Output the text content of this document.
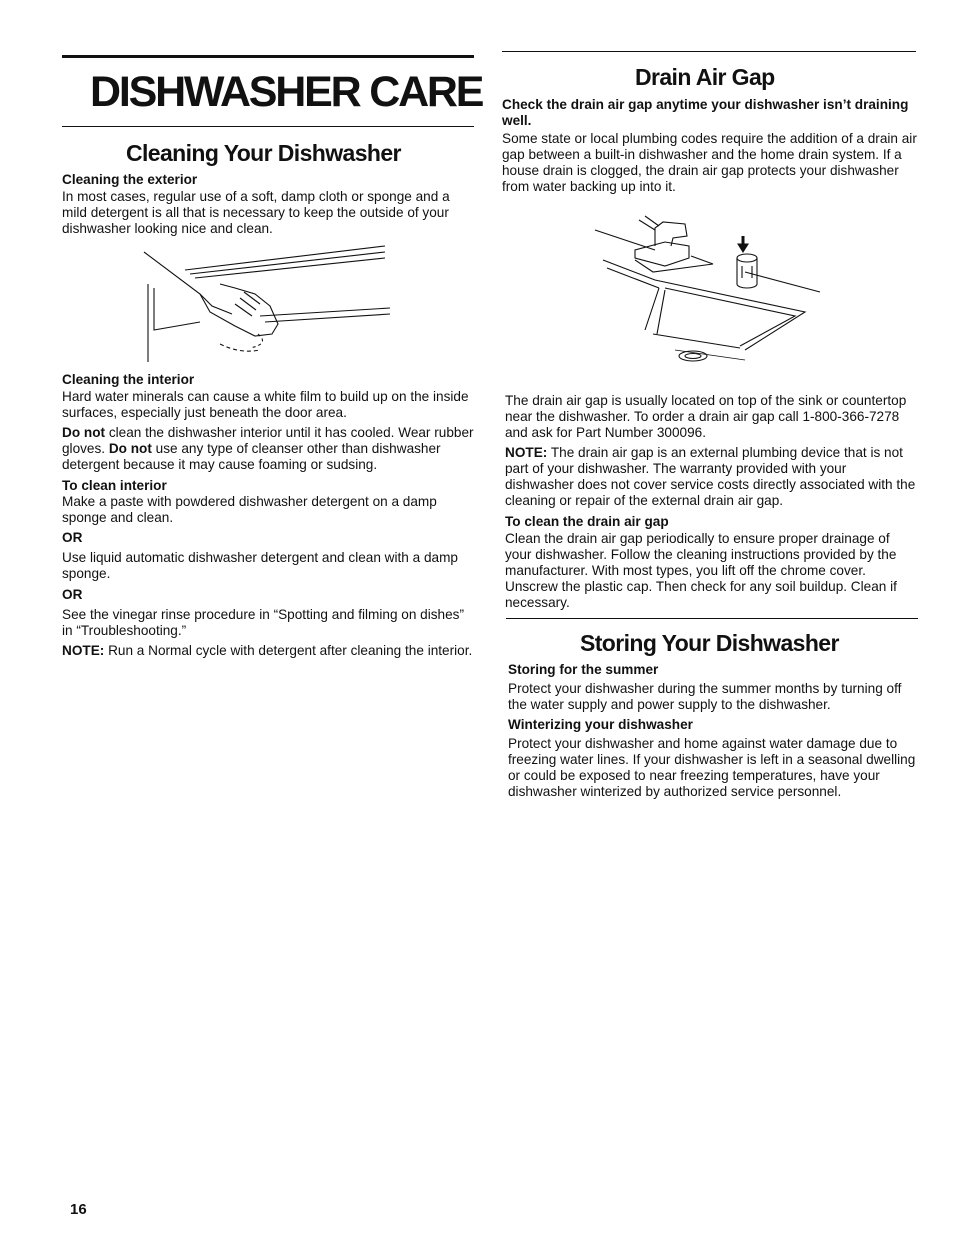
DISHWASHER CARE
Cleaning Your Dishwasher
Cleaning the exterior

In most cases, regular use of a soft, damp cloth or sponge and a mild detergent is all that is necessary to keep the outside of your dishwasher looking nice and clean.

Cleaning the interior

Hard water minerals can cause a white film to build up on the inside surfaces, especially just beneath the door area.

Do not clean the dishwasher interior until it has cooled. Wear rubber gloves. Do not use any type of cleanser other than dishwasher detergent because it may cause foaming or sudsing.

To clean interior

Make a paste with powdered dishwasher detergent on a damp sponge and clean.

OR

Use liquid automatic dishwasher detergent and clean with a damp sponge.

OR

See the vinegar rinse procedure in “Spotting and filming on dishes” in “Troubleshooting.”

NOTE: Run a Normal cycle with detergent after cleaning the interior.

Drain Air Gap

Check the drain air gap anytime your dishwasher isn’t draining well.

Some state or local plumbing codes require the addition of a drain air gap between a built-in dishwasher and the home drain system. If a house drain is clogged, the drain air gap protects your dishwasher from water backing up into it.

The drain air gap is usually located on top of the sink or countertop near the dishwasher. To order a drain air gap call 1-800-366-7278 and ask for Part Number 300096.

NOTE: The drain air gap is an external plumbing device that is not part of your dishwasher. The warranty provided with your dishwasher does not cover service costs directly associated with the cleaning or repair of the external drain air gap.

To clean the drain air gap

Clean the drain air gap periodically to ensure proper drainage of your dishwasher. Follow the cleaning instructions provided by the manufacturer. With most types, you lift off the chrome cover. Unscrew the plastic cap. Then check for any soil buildup. Clean if necessary.

Storing Your Dishwasher
Storing for the summer

Protect your dishwasher during the summer months by turning off the water supply and power supply to the dishwasher.

Winterizing your dishwasher

Protect your dishwasher and home against water damage due to freezing water lines. If your dishwasher is left in a seasonal dwelling or could be exposed to near freezing temperatures, have your dishwasher winterized by authorized service personnel.

16
